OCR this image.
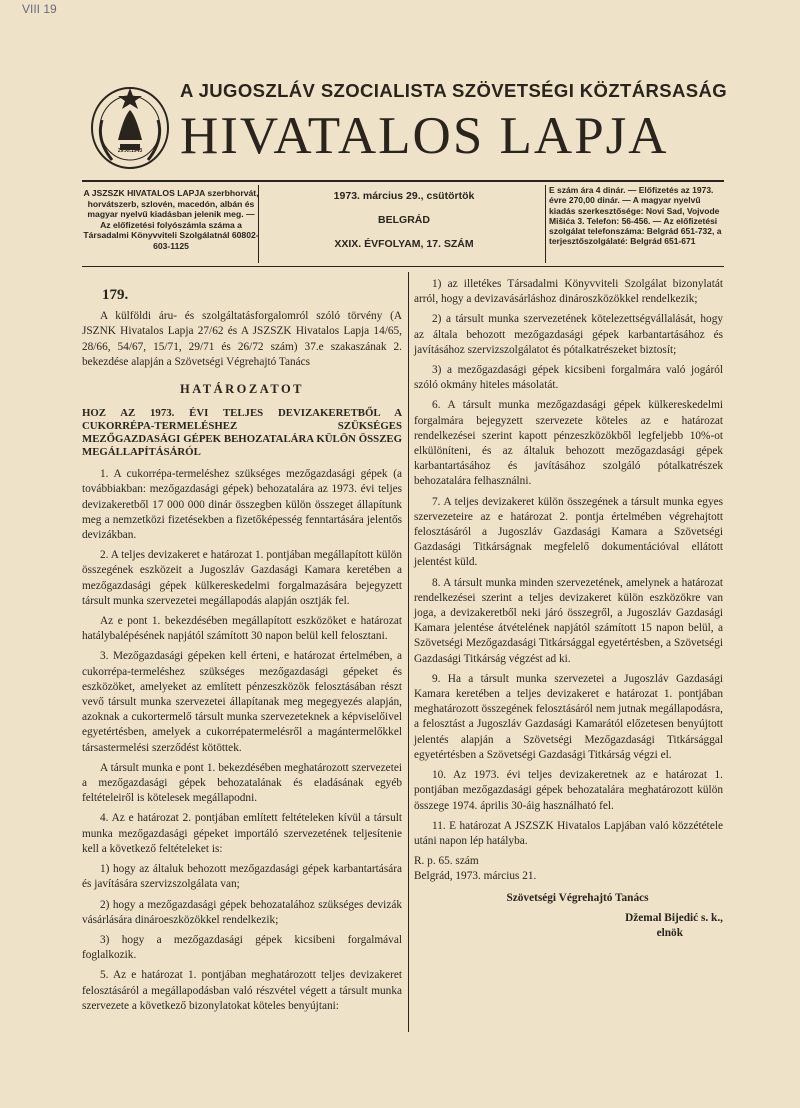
VIII 19
29.XI.1943
A JUGOSZLÁV SZOCIALISTA SZÖVETSÉGI KÖZTÁRSASÁG
HIVATALOS LAPJA
A JSZSZK HIVATALOS LAPJA szerbhorvát, horvátszerb, szlovén, macedón, albán és magyar nyelvű kiadásban jelenik meg. — Az előfizetési folyószámla száma a Társadalmi Könyvviteli Szolgálatnál 60802-603-1125
1973. március 29., csütörtök
BELGRÁD
XXIX. ÉVFOLYAM, 17. SZÁM
E szám ára 4 dinár. — Előfizetés az 1973. évre 270,00 dinár. — A magyar nyelvű kiadás szerkesztősége: Novi Sad, Vojvode Mišića 3. Telefon: 56-456. — Az előfizetési szolgálat telefonszáma: Belgrád 651-732, a terjesztőszolgálaté: Belgrád 651-671

179.

A külföldi áru- és szolgáltatásforgalomról szóló törvény (A JSZNK Hivatalos Lapja 27/62 és A JSZSZK Hivatalos Lapja 14/65, 28/66, 54/67, 15/71, 29/71 és 26/72 szám) 37.e szakaszának 2. bekezdése alapján a Szövetségi Végrehajtó Tanács

HATÁROZATOT

HOZ AZ 1973. ÉVI TELJES DEVIZAKERETBŐL A CUKORRÉPA-TERMELÉSHEZ SZÜKSÉGES MEZŐGAZDASÁGI GÉPEK BEHOZATALÁRA KÜLÖN ÖSSZEG MEGÁLLAPÍTÁSÁRÓL

1. A cukorrépa-termeléshez szükséges mezőgazdasági gépek (a továbbiakban: mezőgazdasági gépek) behozatalára az 1973. évi teljes devizakeretből 17 000 000 dinár összegben külön összeget állapítunk meg a nemzetközi fizetésekben a fizetőképesség fenntartására jelentős devizákban.

2. A teljes devizakeret e határozat 1. pontjában megállapított külön összegének eszközeit a Jugoszláv Gazdasági Kamara keretében a mezőgazdasági gépek külkereskedelmi forgalmazására bejegyzett társult munka szervezetei megállapodás alapján osztják fel.

Az e pont 1. bekezdésében megállapított eszközöket e határozat hatálybalépésének napjától számított 30 napon belül kell felosztani.

3. Mezőgazdasági gépeken kell érteni, e határozat értelmében, a cukorrépa-termeléshez szükséges mezőgazdasági gépeket és eszközöket, amelyeket az említett pénzeszközök felosztásában részt vevő társult munka szervezetei állapítanak meg megegyezés alapján, azoknak a cukortermelő társult munka szervezeteknek a képviselőivel egyetértésben, amelyek a cukorrépatermelésről a magántermelőkkel társastermelési szerződést kötöttek.

A társult munka e pont 1. bekezdésében meghatározott szervezetei a mezőgazdasági gépek behozatalának és eladásának egyéb feltételeiről is kötelesek megállapodni.

4. Az e határozat 2. pontjában említett feltételeken kívül a társult munka mezőgazdasági gépeket importáló szervezetének teljesítenie kell a következő feltételeket is:

1) hogy az általuk behozott mezőgazdasági gépek karbantartására és javítására szervizszolgálata van;

2) hogy a mezőgazdasági gépek behozatalához szükséges devizák vásárlására dinároeszközökkel rendelkezik;

3) hogy a mezőgazdasági gépek kicsibeni forgalmával foglalkozik.

5. Az e határozat 1. pontjában meghatározott teljes devizakeret felosztásáról a megállapodásban való részvétel végett a társult munka szervezete a következő bizonylatokat köteles benyújtani:

1) az illetékes Társadalmi Könyvviteli Szolgálat bizonylatát arról, hogy a devizavásárláshoz dinároszközökkel rendelkezik;

2) a társult munka szervezetének kötelezettségvállalását, hogy az általa behozott mezőgazdasági gépek karbantartásához és javításához szervizszolgálatot és pótalkatrészeket biztosít;

3) a mezőgazdasági gépek kicsibeni forgalmára való jogáról szóló okmány hiteles másolatát.

6. A társult munka mezőgazdasági gépek külkereskedelmi forgalmára bejegyzett szervezete köteles az e határozat rendelkezései szerint kapott pénzeszközökből legfeljebb 10%-ot elkülöníteni, és az általuk behozott mezőgazdasági gépek karbantartásához és javításához szolgáló pótalkatrészek behozatalára felhasználni.

7. A teljes devizakeret külön összegének a társult munka egyes szervezeteire az e határozat 2. pontja értelmében végrehajtott felosztásáról a Jugoszláv Gazdasági Kamara a Szövetségi Gazdasági Titkárságnak megfelelő dokumentációval ellátott jelentést küld.

8. A társult munka minden szervezetének, amelynek a határozat rendelkezései szerint a teljes devizakeret külön eszközökre van joga, a devizakeretből neki járó összegről, a Jugoszláv Gazdasági Kamara jelentése átvételének napjától számított 15 napon belül, a Szövetségi Mezőgazdasági Titkársággal egyetértésben, a Szövetségi Gazdasági Titkárság végzést ad ki.

9. Ha a társult munka szervezetei a Jugoszláv Gazdasági Kamara keretében a teljes devizakeret e határozat 1. pontjában meghatározott összegének felosztásáról nem jutnak megállapodásra, a felosztást a Jugoszláv Gazdasági Kamarától előzetesen benyújtott jelentés alapján a Szövetségi Mezőgazdasági Titkársággal egyetértésben a Szövetségi Gazdasági Titkárság végzi el.

10. Az 1973. évi teljes devizakeretnek az e határozat 1. pontjában mezőgazdasági gépek behozatalára meghatározott külön összege 1974. április 30-áig használható fel.

11. E határozat A JSZSZK Hivatalos Lapjában való közzététele utáni napon lép hatályba.

R. p. 65. szám

Belgrád, 1973. március 21.

Szövetségi Végrehajtó Tanács

Džemal Bijedić s. k.,

elnök
